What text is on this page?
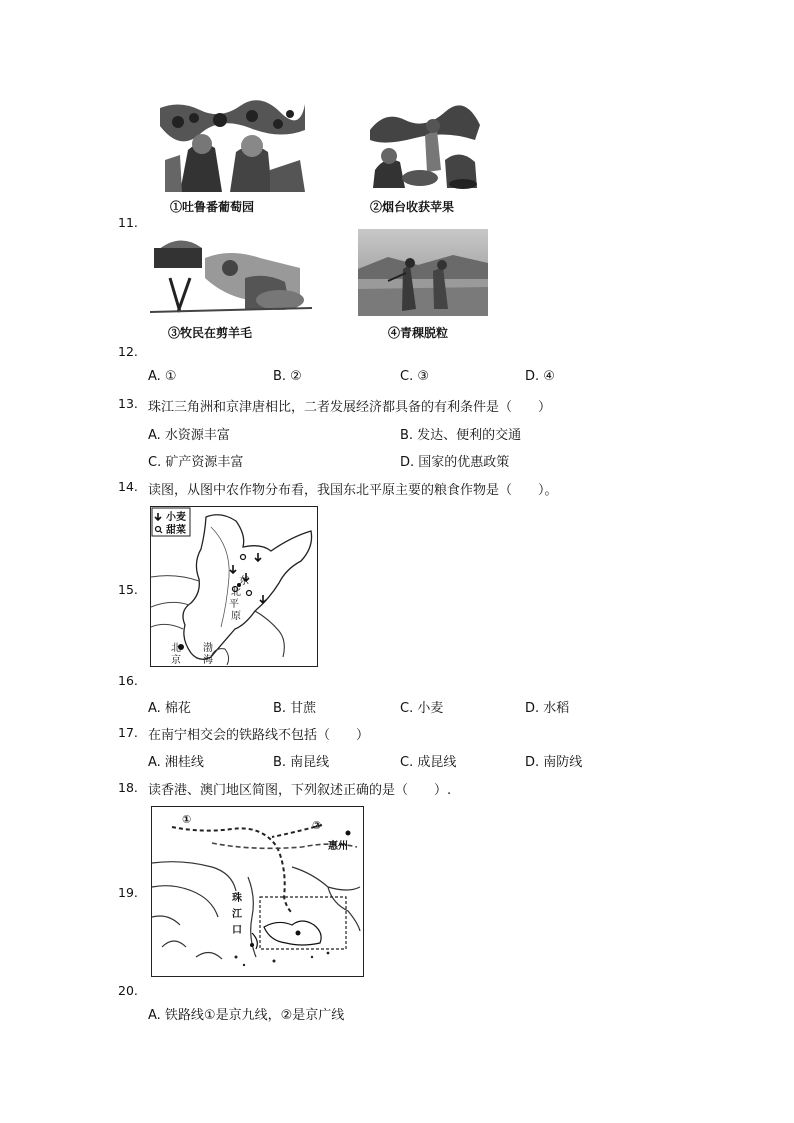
①吐鲁番葡萄园	②烟台收获苹果
11.
③牧民在剪羊毛	④青稞脱粒
12.
A. ①	B. ②	C. ③	D. ④
13. 珠江三角洲和京津唐相比，二者发展经济都具备的有利条件是（　　）
A. 水资源丰富	B. 发达、便利的交通
C. 矿产资源丰富	D. 国家的优惠政策
14. 读图，从图中农作物分布看，我国东北平原主要的粮食作物是（　　）。
小麦
甜菜
东
北
平
原
北
京
渤
海
15.
16.
A. 棉花	B. 甘蔗	C. 小麦	D. 水稻
17. 在南宁相交会的铁路线不包括（　　）
A. 湘桂线	B. 南昆线	C. 成昆线	D. 南防线
18. 读香港、澳门地区简图，下列叙述正确的是（　　）.
①	②
惠州
珠
江
口
19.
20.
A. 铁路线①是京九线，②是京广线
